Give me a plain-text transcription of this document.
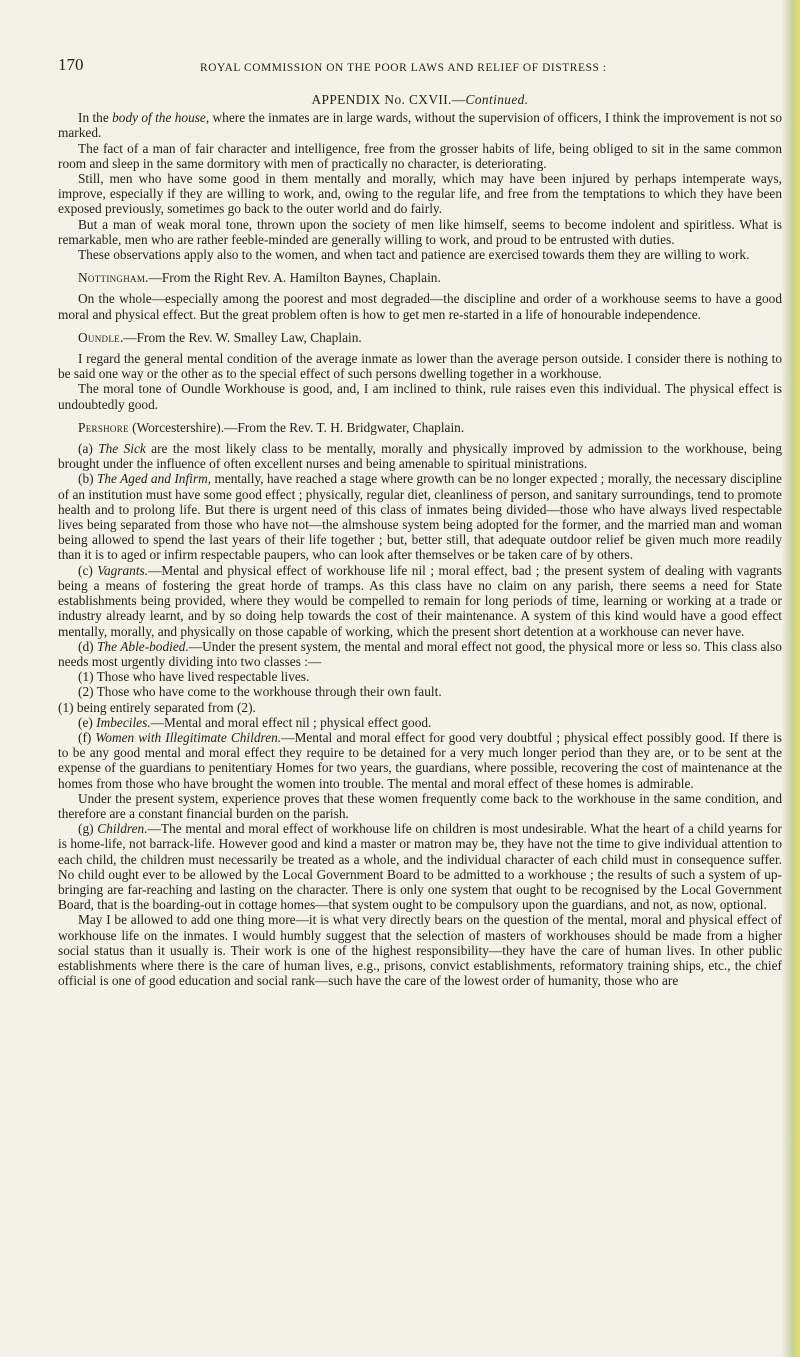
170	ROYAL COMMISSION ON THE POOR LAWS AND RELIEF OF DISTRESS :
APPENDIX No. CXVII.—Continued.

In the body of the house, where the inmates are in large wards, without the supervision of officers, I think the improvement is not so marked.

The fact of a man of fair character and intelligence, free from the grosser habits of life, being obliged to sit in the same common room and sleep in the same dormitory with men of practically no character, is deteriorating.

Still, men who have some good in them mentally and morally, which may have been injured by perhaps intemperate ways, improve, especially if they are willing to work, and, owing to the regular life, and free from the temptations to which they have been exposed previously, sometimes go back to the outer world and do fairly.

But a man of weak moral tone, thrown upon the society of men like himself, seems to become indolent and spiritless. What is remarkable, men who are rather feeble-minded are generally willing to work, and proud to be entrusted with duties.

These observations apply also to the women, and when tact and patience are exercised towards them they are willing to work.

Nottingham.—From the Right Rev. A. Hamilton Baynes, Chaplain.

On the whole—especially among the poorest and most degraded—the discipline and order of a workhouse seems to have a good moral and physical effect. But the great problem often is how to get men re-started in a life of honourable independence.

Oundle.—From the Rev. W. Smalley Law, Chaplain.

I regard the general mental condition of the average inmate as lower than the average person outside. I consider there is nothing to be said one way or the other as to the special effect of such persons dwelling together in a workhouse.

The moral tone of Oundle Workhouse is good, and, I am inclined to think, rule raises even this individual. The physical effect is undoubtedly good.

Pershore (Worcestershire).—From the Rev. T. H. Bridgwater, Chaplain.

(a) The Sick are the most likely class to be mentally, morally and physically improved by admission to the workhouse, being brought under the influence of often excellent nurses and being amenable to spiritual ministrations.

(b) The Aged and Infirm, mentally, have reached a stage where growth can be no longer expected ; morally, the necessary discipline of an institution must have some good effect ; physically, regular diet, cleanliness of person, and sanitary surroundings, tend to promote health and to prolong life. But there is urgent need of this class of inmates being divided—those who have always lived respectable lives being separated from those who have not—the almshouse system being adopted for the former, and the married man and woman being allowed to spend the last years of their life together ; but, better still, that adequate outdoor relief be given much more readily than it is to aged or infirm respectable paupers, who can look after themselves or be taken care of by others.

(c) Vagrants.—Mental and physical effect of workhouse life nil ; moral effect, bad ; the present system of dealing with vagrants being a means of fostering the great horde of tramps. As this class have no claim on any parish, there seems a need for State establishments being provided, where they would be compelled to remain for long periods of time, learning or working at a trade or industry already learnt, and by so doing help towards the cost of their maintenance. A system of this kind would have a good effect mentally, morally, and physically on those capable of working, which the present short detention at a workhouse can never have.

(d) The Able-bodied.—Under the present system, the mental and moral effect not good, the physical more or less so. This class also needs most urgently dividing into two classes :—

(1) Those who have lived respectable lives.

(2) Those who have come to the workhouse through their own fault.

(1) being entirely separated from (2).

(e) Imbeciles.—Mental and moral effect nil ; physical effect good.

(f) Women with Illegitimate Children.—Mental and moral effect for good very doubtful ; physical effect possibly good. If there is to be any good mental and moral effect they require to be detained for a very much longer period than they are, or to be sent at the expense of the guardians to penitentiary Homes for two years, the guardians, where possible, recovering the cost of maintenance at the homes from those who have brought the women into trouble. The mental and moral effect of these homes is admirable.

Under the present system, experience proves that these women frequently come back to the workhouse in the same condition, and therefore are a constant financial burden on the parish.

(g) Children.—The mental and moral effect of workhouse life on children is most undesirable. What the heart of a child yearns for is home-life, not barrack-life. However good and kind a master or matron may be, they have not the time to give individual attention to each child, the children must necessarily be treated as a whole, and the individual character of each child must in consequence suffer. No child ought ever to be allowed by the Local Government Board to be admitted to a workhouse ; the results of such a system of up-bringing are far-reaching and lasting on the character. There is only one system that ought to be recognised by the Local Government Board, that is the boarding-out in cottage homes—that system ought to be compulsory upon the guardians, and not, as now, optional.

May I be allowed to add one thing more—it is what very directly bears on the question of the mental, moral and physical effect of workhouse life on the inmates. I would humbly suggest that the selection of masters of workhouses should be made from a higher social status than it usually is. Their work is one of the highest responsibility—they have the care of human lives. In other public establishments where there is the care of human lives, e.g., prisons, convict establishments, reformatory training ships, etc., the chief official is one of good education and social rank—such have the care of the lowest order of humanity, those who are
